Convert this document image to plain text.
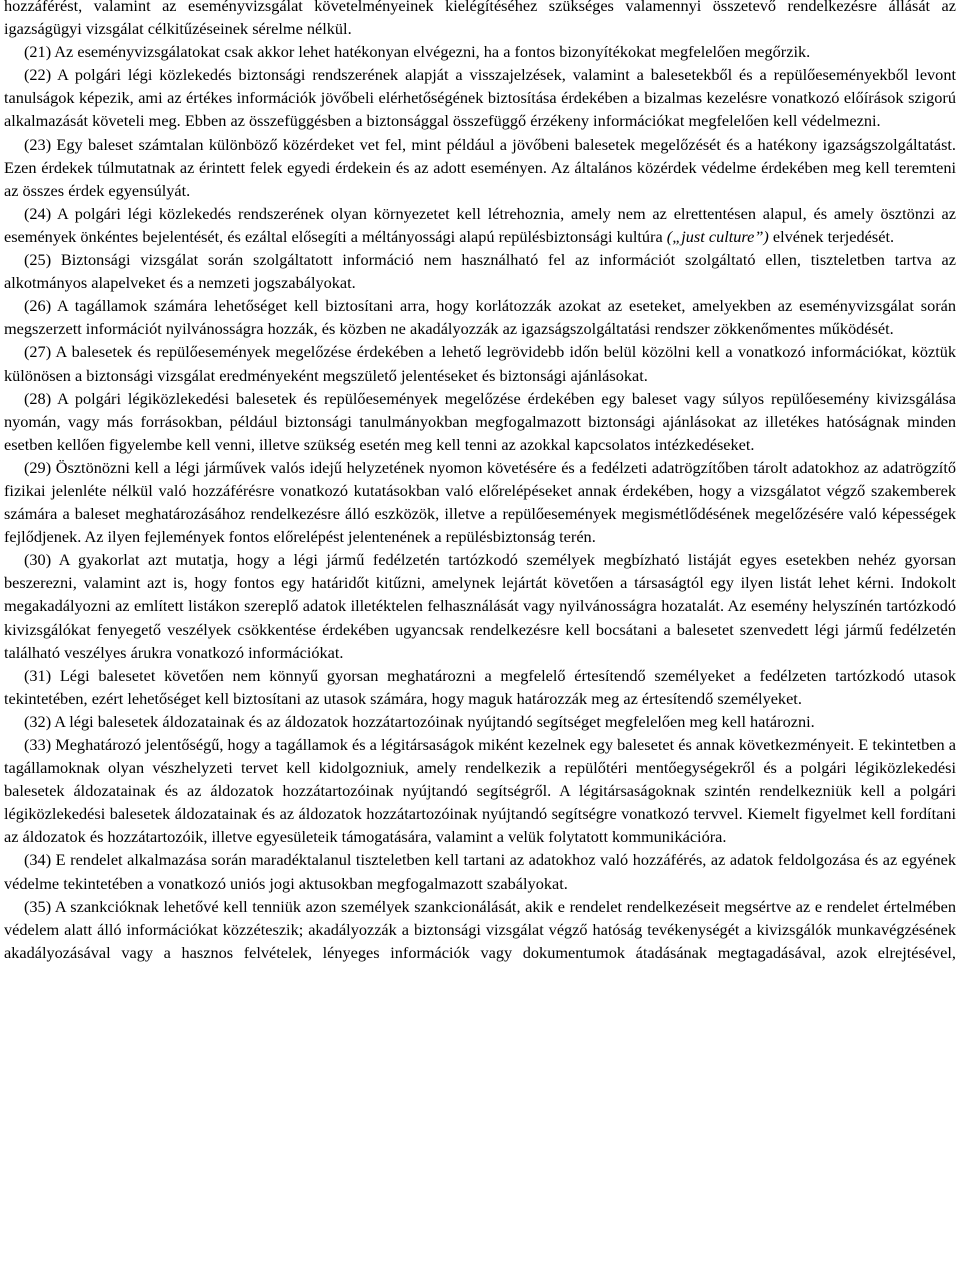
hozzáférést, valamint az eseményvizsgálat követelményeinek kielégítéséhez szükséges valamennyi összetevő rendelkezésre állását az igazságügyi vizsgálat célkitűzéseinek sérelme nélkül.

(21) Az eseményvizsgálatokat csak akkor lehet hatékonyan elvégezni, ha a fontos bizonyítékokat megfelelően megőrzik.

(22) A polgári légi közlekedés biztonsági rendszerének alapját a visszajelzések, valamint a balesetekből és a repülőeseményekből levont tanulságok képezik, ami az értékes információk jövőbeli elérhetőségének biztosítása érdekében a bizalmas kezelésre vonatkozó előírások szigorú alkalmazását követeli meg. Ebben az összefüggésben a biztonsággal összefüggő érzékeny információkat megfelelően kell védelmezni.

(23) Egy baleset számtalan különböző közérdeket vet fel, mint például a jövőbeni balesetek megelőzését és a hatékony igazságszolgáltatást. Ezen érdekek túlmutatnak az érintett felek egyedi érdekein és az adott eseményen. Az általános közérdek védelme érdekében meg kell teremteni az összes érdek egyensúlyát.

(24) A polgári légi közlekedés rendszerének olyan környezetet kell létrehoznia, amely nem az elrettentésen alapul, és amely ösztönzi az események önkéntes bejelentését, és ezáltal elősegíti a méltányossági alapú repülésbiztonsági kultúra („just culture”) elvének terjedését.

(25) Biztonsági vizsgálat során szolgáltatott információ nem használható fel az információt szolgáltató ellen, tiszteletben tartva az alkotmányos alapelveket és a nemzeti jogszabályokat.

(26) A tagállamok számára lehetőséget kell biztosítani arra, hogy korlátozzák azokat az eseteket, amelyekben az eseményvizsgálat során megszerzett információt nyilvánosságra hozzák, és közben ne akadályozzák az igazságszolgáltatási rendszer zökkenőmentes működését.

(27) A balesetek és repülőesemények megelőzése érdekében a lehető legrövidebb időn belül közölni kell a vonatkozó információkat, köztük különösen a biztonsági vizsgálat eredményeként megszülető jelentéseket és biztonsági ajánlásokat.

(28) A polgári légiközlekedési balesetek és repülőesemények megelőzése érdekében egy baleset vagy súlyos repülőesemény kivizsgálása nyomán, vagy más forrásokban, például biztonsági tanulmányokban megfogalmazott biztonsági ajánlásokat az illetékes hatóságnak minden esetben kellően figyelembe kell venni, illetve szükség esetén meg kell tenni az azokkal kapcsolatos intézkedéseket.

(29) Ösztönözni kell a légi járművek valós idejű helyzetének nyomon követésére és a fedélzeti adatrögzítőben tárolt adatokhoz az adatrögzítő fizikai jelenléte nélkül való hozzáférésre vonatkozó kutatásokban való előrelépéseket annak érdekében, hogy a vizsgálatot végző szakemberek számára a baleset meghatározásához rendelkezésre álló eszközök, illetve a repülőesemények megismétlődésének megelőzésére való képességek fejlődjenek. Az ilyen fejlemények fontos előrelépést jelentenének a repülésbiztonság terén.

(30) A gyakorlat azt mutatja, hogy a légi jármű fedélzetén tartózkodó személyek megbízható listáját egyes esetekben nehéz gyorsan beszerezni, valamint azt is, hogy fontos egy határidőt kitűzni, amelynek lejártát követően a társaságtól egy ilyen listát lehet kérni. Indokolt megakadályozni az említett listákon szereplő adatok illetéktelen felhasználását vagy nyilvánosságra hozatalát. Az esemény helyszínén tartózkodó kivizsgálókat fenyegető veszélyek csökkentése érdekében ugyancsak rendelkezésre kell bocsátani a balesetet szenvedett légi jármű fedélzetén található veszélyes árukra vonatkozó információkat.

(31) Légi balesetet követően nem könnyű gyorsan meghatározni a megfelelő értesítendő személyeket a fedélzeten tartózkodó utasok tekintetében, ezért lehetőséget kell biztosítani az utasok számára, hogy maguk határozzák meg az értesítendő személyeket.

(32) A légi balesetek áldozatainak és az áldozatok hozzátartozóinak nyújtandó segítséget megfelelően meg kell határozni.

(33) Meghatározó jelentőségű, hogy a tagállamok és a légitársaságok miként kezelnek egy balesetet és annak következményeit. E tekintetben a tagállamoknak olyan vészhelyzeti tervet kell kidolgozniuk, amely rendelkezik a repülőtéri mentőegységekről és a polgári légiközlekedési balesetek áldozatainak és az áldozatok hozzátartozóinak nyújtandó segítségről. A légitársaságoknak szintén rendelkezniük kell a polgári légiközlekedési balesetek áldozatainak és az áldozatok hozzátartozóinak nyújtandó segítségre vonatkozó tervvel. Kiemelt figyelmet kell fordítani az áldozatok és hozzátartozóik, illetve egyesületeik támogatására, valamint a velük folytatott kommunikációra.

(34) E rendelet alkalmazása során maradéktalanul tiszteletben kell tartani az adatokhoz való hozzáférés, az adatok feldolgozása és az egyének védelme tekintetében a vonatkozó uniós jogi aktusokban megfogalmazott szabályokat.

(35) A szankcióknak lehetővé kell tenniük azon személyek szankcionálását, akik e rendelet rendelkezéseit megsértve az e rendelet értelmében védelem alatt álló információkat közzéteszik; akadályozzák a biztonsági vizsgálat végző hatóság tevékenységét a kivizsgálók munkavégzésének akadályozásával vagy a hasznos felvételek, lényeges információk vagy dokumentumok átadásának megtagadásával, azok elrejtésével,
